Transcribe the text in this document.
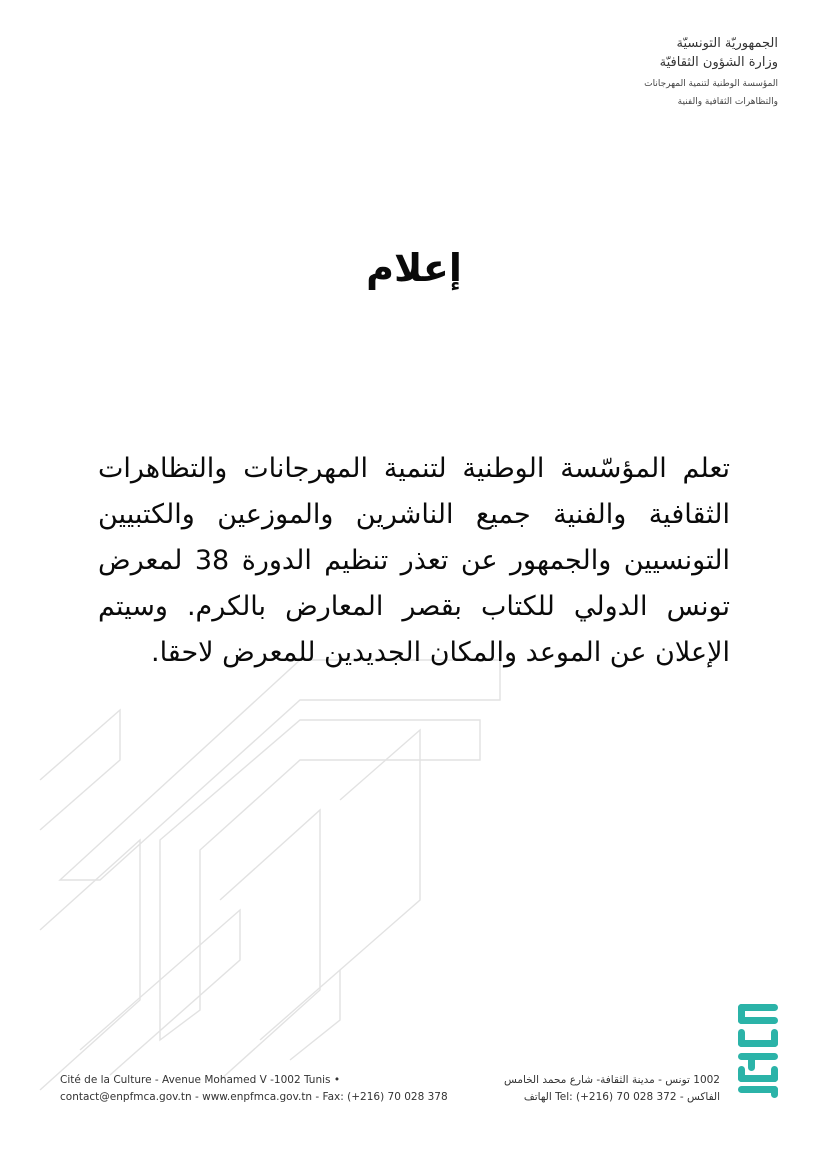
الجمهوريّة التونسيّة
وزارة الشؤون الثقافيّة
المؤسسة الوطنية لتنمية المهرجانات
والتظاهرات الثقافية والفنية
إعلام
تعلم المؤسّسة الوطنية لتنمية المهرجانات والتظاهرات الثقافية والفنية جميع الناشرين والموزعين والكتبيين التونسيين والجمهور عن تعذر تنظيم الدورة 38 لمعرض تونس الدولي للكتاب بقصر المعارض بالكرم. وسيتم الإعلان عن الموعد والمكان الجديدين للمعرض لاحقا.
Cité de la Culture - Avenue Mohamed V -1002 Tunis •	1002 تونس - مدينة الثقافة- شارع محمد الخامس
contact@enpfmca.gov.tn - www.enpfmca.gov.tn - Fax: (+216) 70 028 378	الفاكس - Tel: (+216) 70 028 372 الهاتف
